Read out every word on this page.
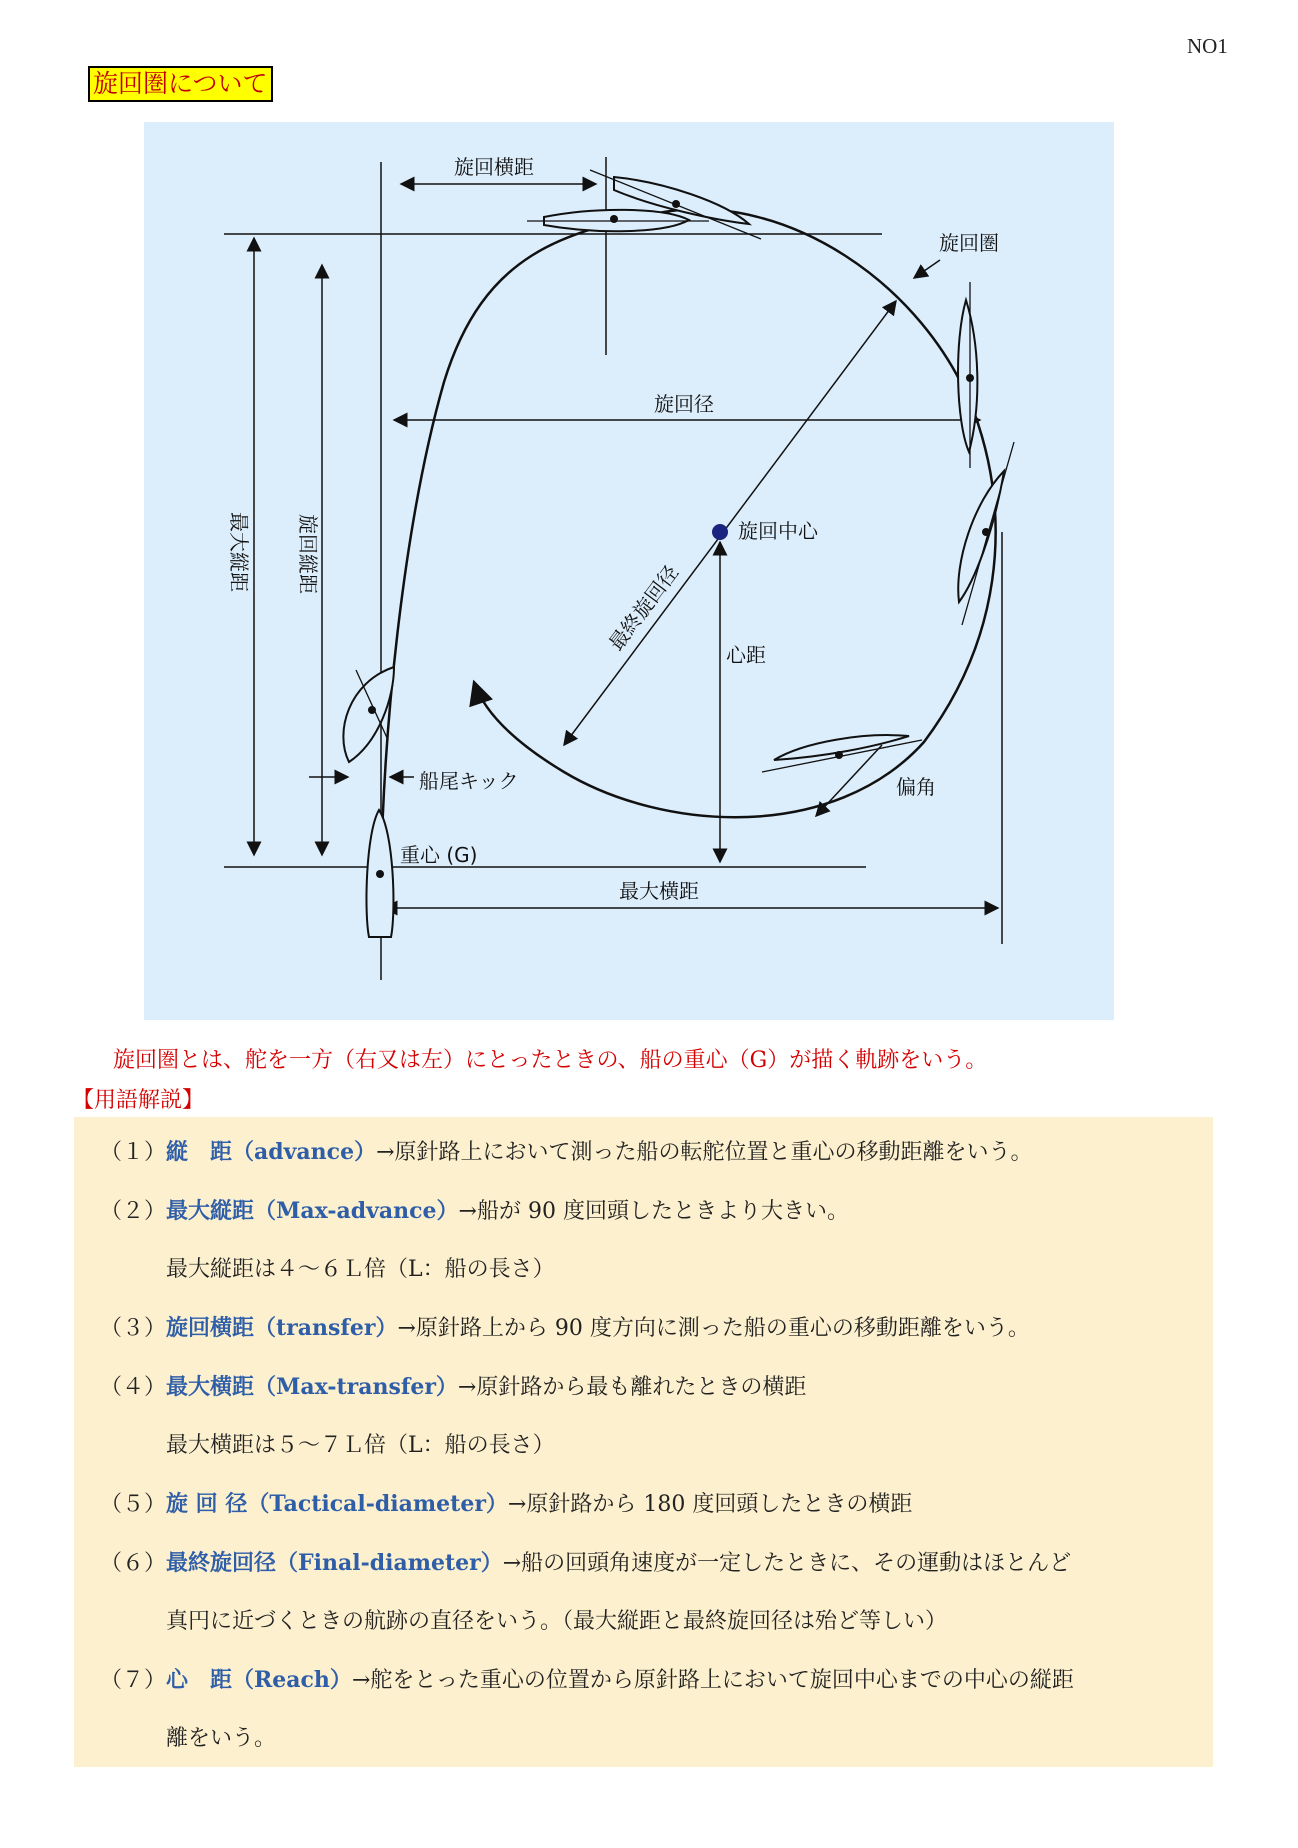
NO1
旋回圏について
旋回横距
旋回圏
旋回径
旋回中心
心距
船尾キック	偏角
重心 (G)
最大横距
最大縦距 旋回縦距
最終旋回径
旋回圏とは、舵を一方（右又は左）にとったときの、船の重心（G）が描く軌跡をいう。
【用語解説】
（１）縦　距（advance）→原針路上において測った船の転舵位置と重心の移動距離をいう。
（２）最大縦距（Max-advance）→船が 90 度回頭したときより大きい。
最大縦距は４～６Ｌ倍（L：船の長さ）
（３）旋回横距（transfer）→原針路上から 90 度方向に測った船の重心の移動距離をいう。
（４）最大横距（Max-transfer）→原針路から最も離れたときの横距
最大横距は５～７Ｌ倍（L：船の長さ）
（５）旋 回 径（Tactical-diameter）→原針路から 180 度回頭したときの横距
（６）最終旋回径（Final-diameter）→船の回頭角速度が一定したときに、その運動はほとんど
真円に近づくときの航跡の直径をいう。（最大縦距と最終旋回径は殆ど等しい）
（７）心　距（Reach）→舵をとった重心の位置から原針路上において旋回中心までの中心の縦距
離をいう。
